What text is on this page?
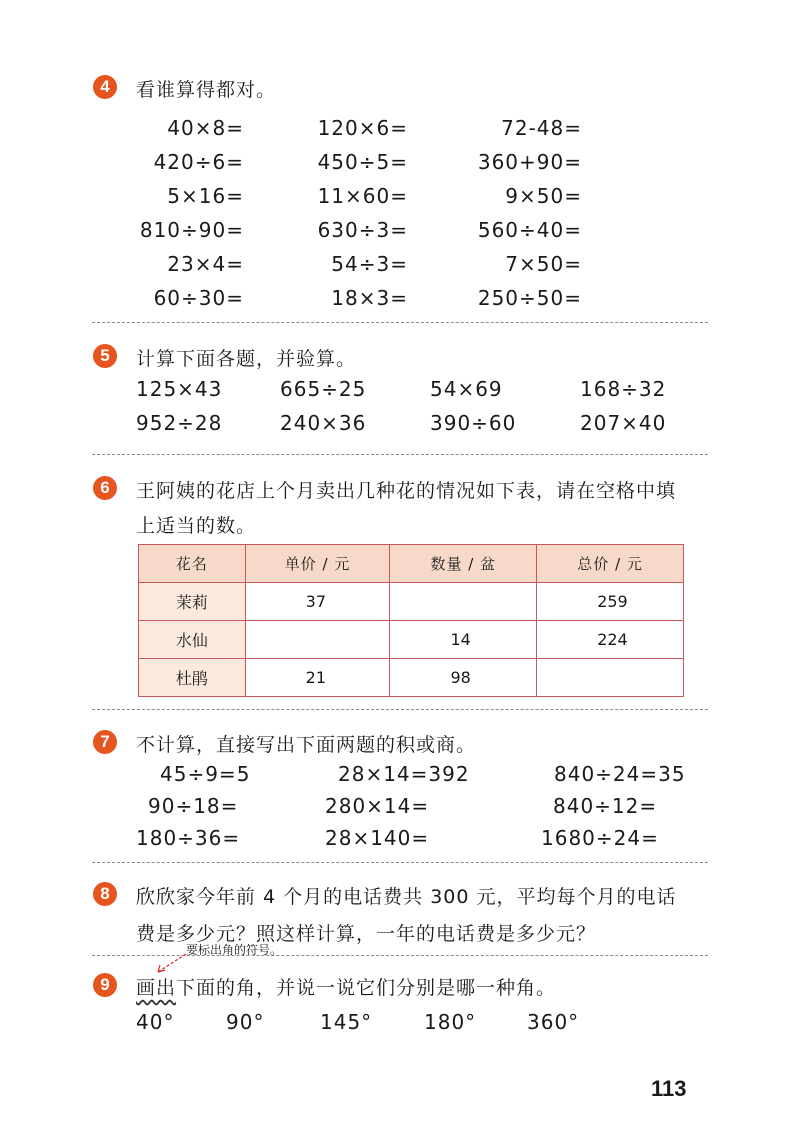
4	看谁算得都对。
40×8=	120×6=	72-48=
420÷6=	450÷5=	360+90=
5×16=	11×60=	9×50=
810÷90=	630÷3=	560÷40=
23×4=	54÷3=	7×50=
60÷30=	18×3=	250÷50=
5	计算下面各题，并验算。
125×43	665÷25	54×69	168÷32
952÷28	240×36	390÷60	207×40
6	王阿姨的花店上个月卖出几种花的情况如下表，请在空格中填
上适当的数。
花名	单价 / 元	数量 / 盆	总价 / 元
茉莉	37		259
水仙		14	224
杜鹃	21	98	
7	不计算，直接写出下面两题的积或商。
45÷9=5	28×14=392	840÷24=35
90÷18=	280×14=	840÷12=
180÷36=	28×140=	1680÷24=
8	欣欣家今年前 4 个月的电话费共 300 元，平均每个月的电话
费是多少元？照这样计算，一年的电话费是多少元？
要标出角的符号。
9	画出下面的角，并说一说它们分别是哪一种角。
40°	90°	145°	180°	360°
113
